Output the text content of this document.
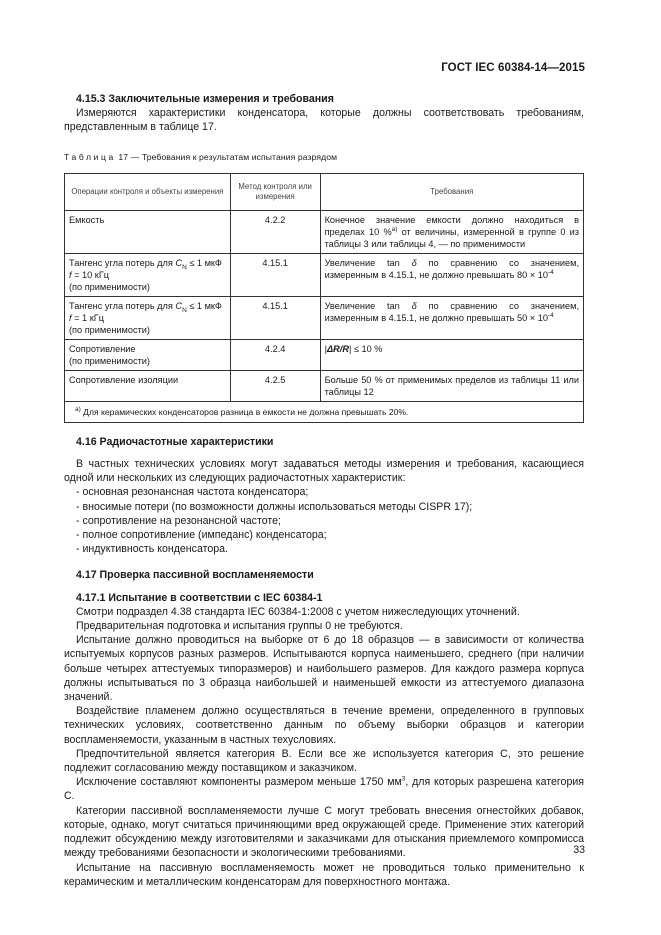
ГОСТ IEC 60384-14—2015
4.15.3 Заключительные измерения и требования

Измеряются характеристики конденсатора, которые должны соответствовать требованиям, представленным в таблице 17.

Таблица 17 — Требования к результатам испытания разрядом
Операции контроля и объекты измерения	Метод контроля или измерения	Требования
Емкость	4.2.2	Конечное значение емкости должно находиться в пределах 10 %$^{a)}$ от величины, измеренной в группе 0 из таблицы 3 или таблицы 4, — по применимости
Тангенс угла потерь для $C_N \le 1$ мкФ
f = 10 кГц
(по применимости)	4.15.1	Увеличение tan δ по сравнению со значением, измеренным в 4.15.1, не должно превышать $80 \times 10^{-4}$
Тангенс угла потерь для $C_N \le 1$ мкФ
f = 1 кГц
(по применимости)	4.15.1	Увеличение tan δ по сравнению со значением, измеренным в 4.15.1, не должно превышать $50 \times 10^{-4}$
Сопротивление
(по применимости)	4.2.4	|ΔR/R| ≤ 10 %
Сопротивление изоляции	4.2.5	Больше 50 % от применимых пределов из таблицы 11 или таблицы 12
$^{a)}$ Для керамических конденсаторов разница в емкости не должна превышать 20%.		
4.16 Радиочастотные характеристики

В частных технических условиях могут задаваться методы измерения и требования, касающиеся одной или нескольких из следующих радиочастотных характеристик:

- основная резонансная частота конденсатора;
- вносимые потери (по возможности должны использоваться методы CISPR 17);
- сопротивление на резонансной частоте;
- полное сопротивление (импеданс) конденсатора;
- индуктивность конденсатора.
4.17 Проверка пассивной воспламеняемости
4.17.1 Испытание в соответствии с IEC 60384-1

Смотри подраздел 4.38 стандарта IEC 60384-1:2008 с учетом нижеследующих уточнений.

Предварительная подготовка и испытания группы 0 не требуются.

Испытание должно проводиться на выборке от 6 до 18 образцов — в зависимости от количества испытуемых корпусов разных размеров. Испытываются корпуса наименьшего, среднего (при наличии больше четырех аттестуемых типоразмеров) и наибольшего размеров. Для каждого размера корпуса должны испытываться по 3 образца наибольшей и наименьшей емкости из аттестуемого диапазона значений.

Воздействие пламенем должно осуществляться в течение времени, определенного в групповых технических условиях, соответственно данным по объему выборки образцов и категории воспламеняемости, указанным в частных техусловиях.

Предпочтительной является категория B. Если все же используется категория C, это решение подлежит согласованию между поставщиком и заказчиком.

Исключение составляют компоненты размером меньше 1750 $мм^3$, для которых разрешена категория C.

Категории пассивной воспламеняемости лучше C могут требовать внесения огнестойких добавок, которые, однако, могут считаться причиняющими вред окружающей среде. Применение этих категорий подлежит обсуждению между изготовителями и заказчиками для отыскания приемлемого компромисса между требованиями безопасности и экологическими требованиями.

Испытание на пассивную воспламеняемость может не проводиться только применительно к керамическим и металлическим конденсаторам для поверхностного монтажа.

33
